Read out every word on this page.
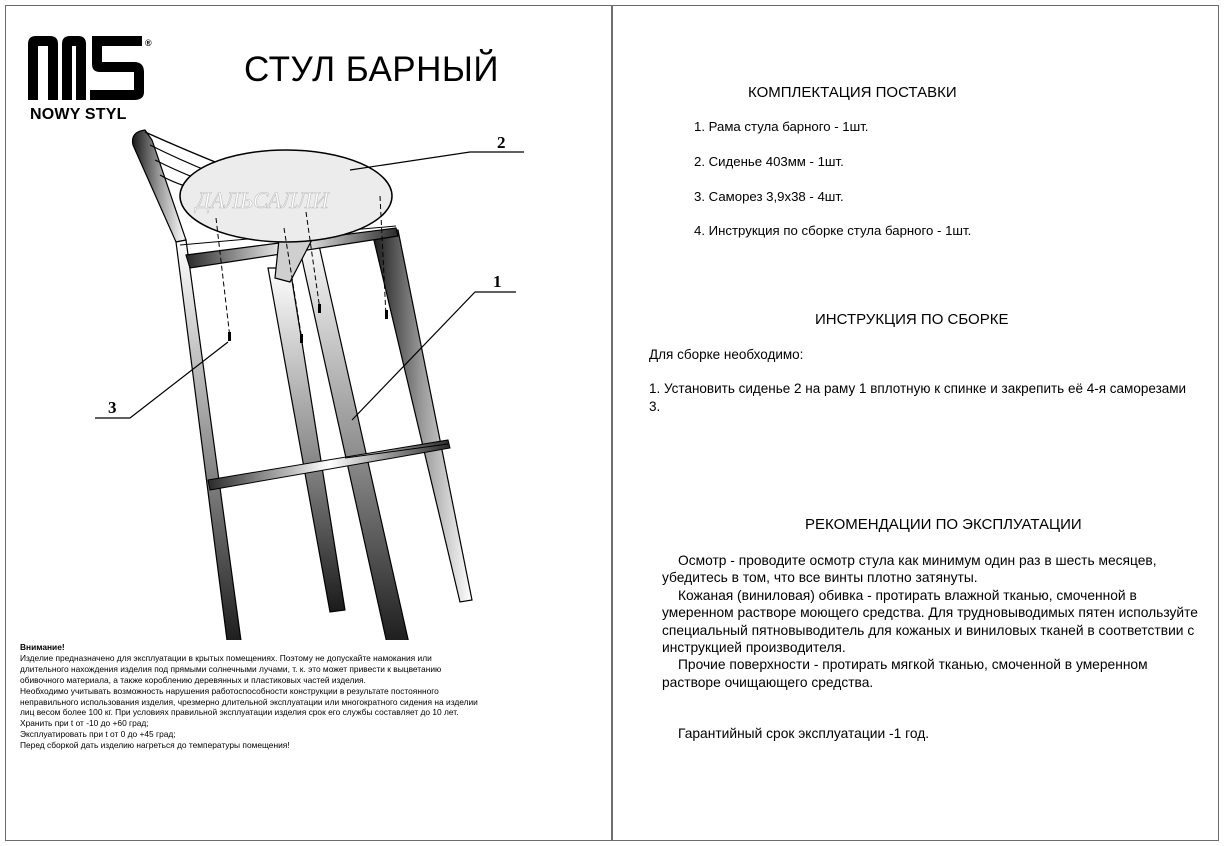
®
NOWY STYL
СТУЛ БАРНЫЙ
ДАЛЬСАЛЛИ
2
1
3
Внимание!
Изделие предназначено для эксплуатации в крытых помещениях. Поэтому не допускайте намокания или
длительного нахождения изделия под прямыми солнечными лучами, т. к. это может привести к выцветанию
обивочного материала, а также короблению деревянных и пластиковых частей изделия.
Необходимо учитывать возможность нарушения работоспособности конструкции в результате постоянного
неправильного использования изделия, чрезмерно длительной эксплуатации или многократного сидения на изделии
лиц весом более 100 кг. При условиях правильной эксплуатации изделия срок его службы составляет до 10 лет.
Хранить при t от -10 до +60 град;
Эксплуатировать при t от 0 до +45 град;
Перед сборкой дать изделию нагреться до температуры помещения!
КОМПЛЕКТАЦИЯ ПОСТАВКИ
1. Рама стула барного - 1шт.
2. Сиденье 403мм - 1шт.
3. Саморез 3,9х38 - 4шт.
4. Инструкция по сборке стула барного - 1шт.
ИНСТРУКЦИЯ ПО СБОРКЕ
Для сборке необходимо:
1. Установить сиденье 2 на раму 1 вплотную к спинке и закрепить её 4-я саморезами 3.
РЕКОМЕНДАЦИИ ПО ЭКСПЛУАТАЦИИ

Осмотр - проводите осмотр стула как минимум один раз в шесть месяцев, убедитесь в том, что все винты плотно затянуты.

Кожаная (виниловая) обивка - протирать влажной тканью, смоченной в умеренном растворе моющего средства. Для трудновыводимых пятен используйте специальный пятновыводитель для кожаных и виниловых тканей в соответствии с инструкцией производителя.

Прочие поверхности - протирать мягкой тканью, смоченной в умеренном растворе очищающего средства.

Гарантийный срок эксплуатации -1 год.
